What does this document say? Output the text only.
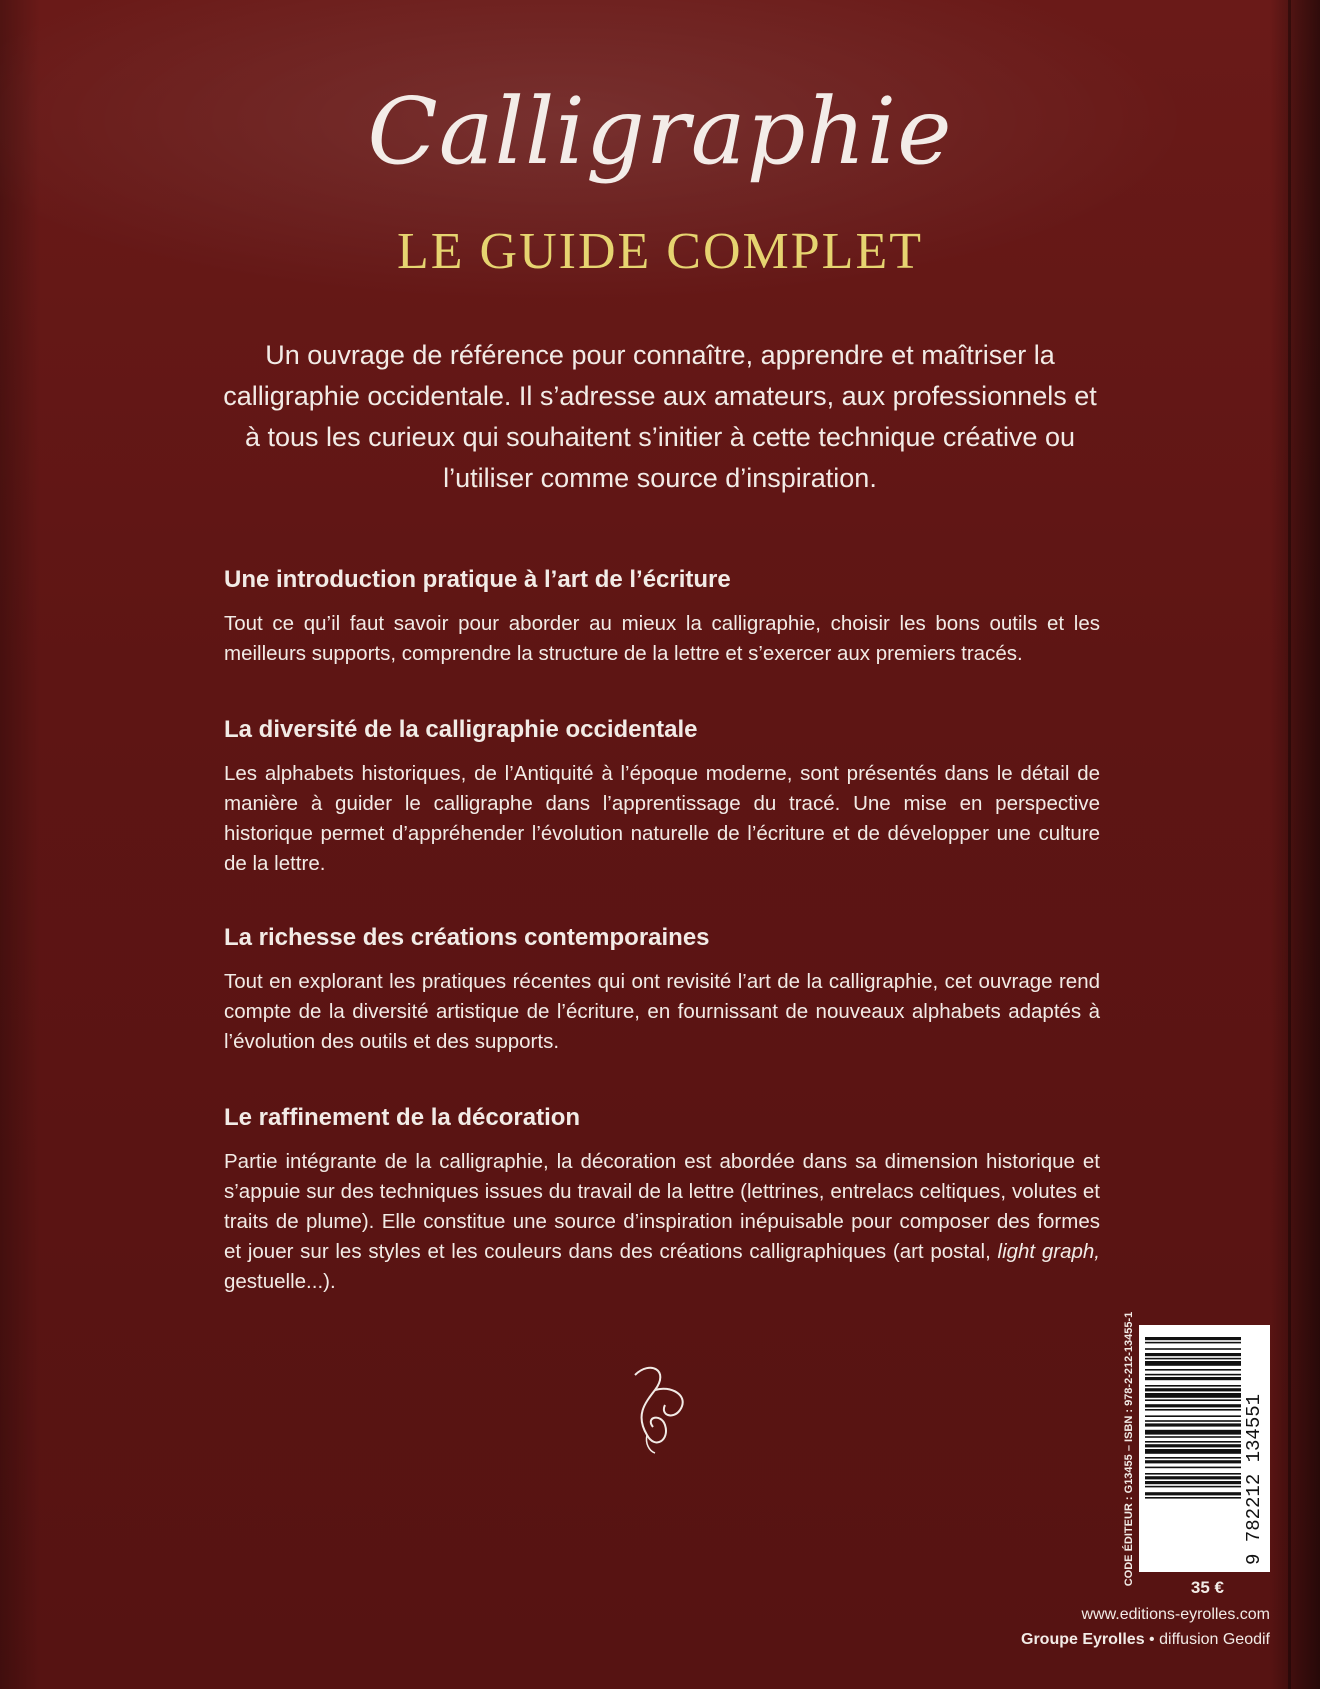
Calligraphie
LE GUIDE COMPLET
Un ouvrage de référence pour connaître, apprendre et maîtriser la calligraphie occidentale. Il s’adresse aux amateurs, aux professionnels et à tous les curieux qui souhaitent s’initier à cette technique créative ou l’utiliser comme source d’inspiration.
Une introduction pratique à l’art de l’écriture

Tout ce qu’il faut savoir pour aborder au mieux la calligraphie, choisir les bons outils et les meilleurs supports, comprendre la structure de la lettre et s’exercer aux premiers tracés.

La diversité de la calligraphie occidentale

Les alphabets historiques, de l’Antiquité à l’époque moderne, sont présentés dans le détail de manière à guider le calligraphe dans l’apprentissage du tracé. Une mise en perspective historique permet d’appréhender l’évolution naturelle de l’écriture et de développer une culture de la lettre.

La richesse des créations contemporaines

Tout en explorant les pratiques récentes qui ont revisité l’art de la calligraphie, cet ouvrage rend compte de la diversité artistique de l’écriture, en fournissant de nouveaux alphabets adaptés à l’évolution des outils et des supports.

Le raffinement de la décoration

Partie intégrante de la calligraphie, la décoration est abordée dans sa dimension historique et s’appuie sur des techniques issues du travail de la lettre (lettrines, entrelacs celtiques, volutes et traits de plume). Elle constitue une source d’inspiration inépuisable pour composer des formes et jouer sur les styles et les couleurs dans des créations calligraphiques (art postal, light graph, gestuelle...).

CODE ÉDITEUR : G13455 – ISBN : 978-2-212-13455-1	9 782212 134551
35 €
www.editions-eyrolles.com
Groupe Eyrolles • diffusion Geodif
